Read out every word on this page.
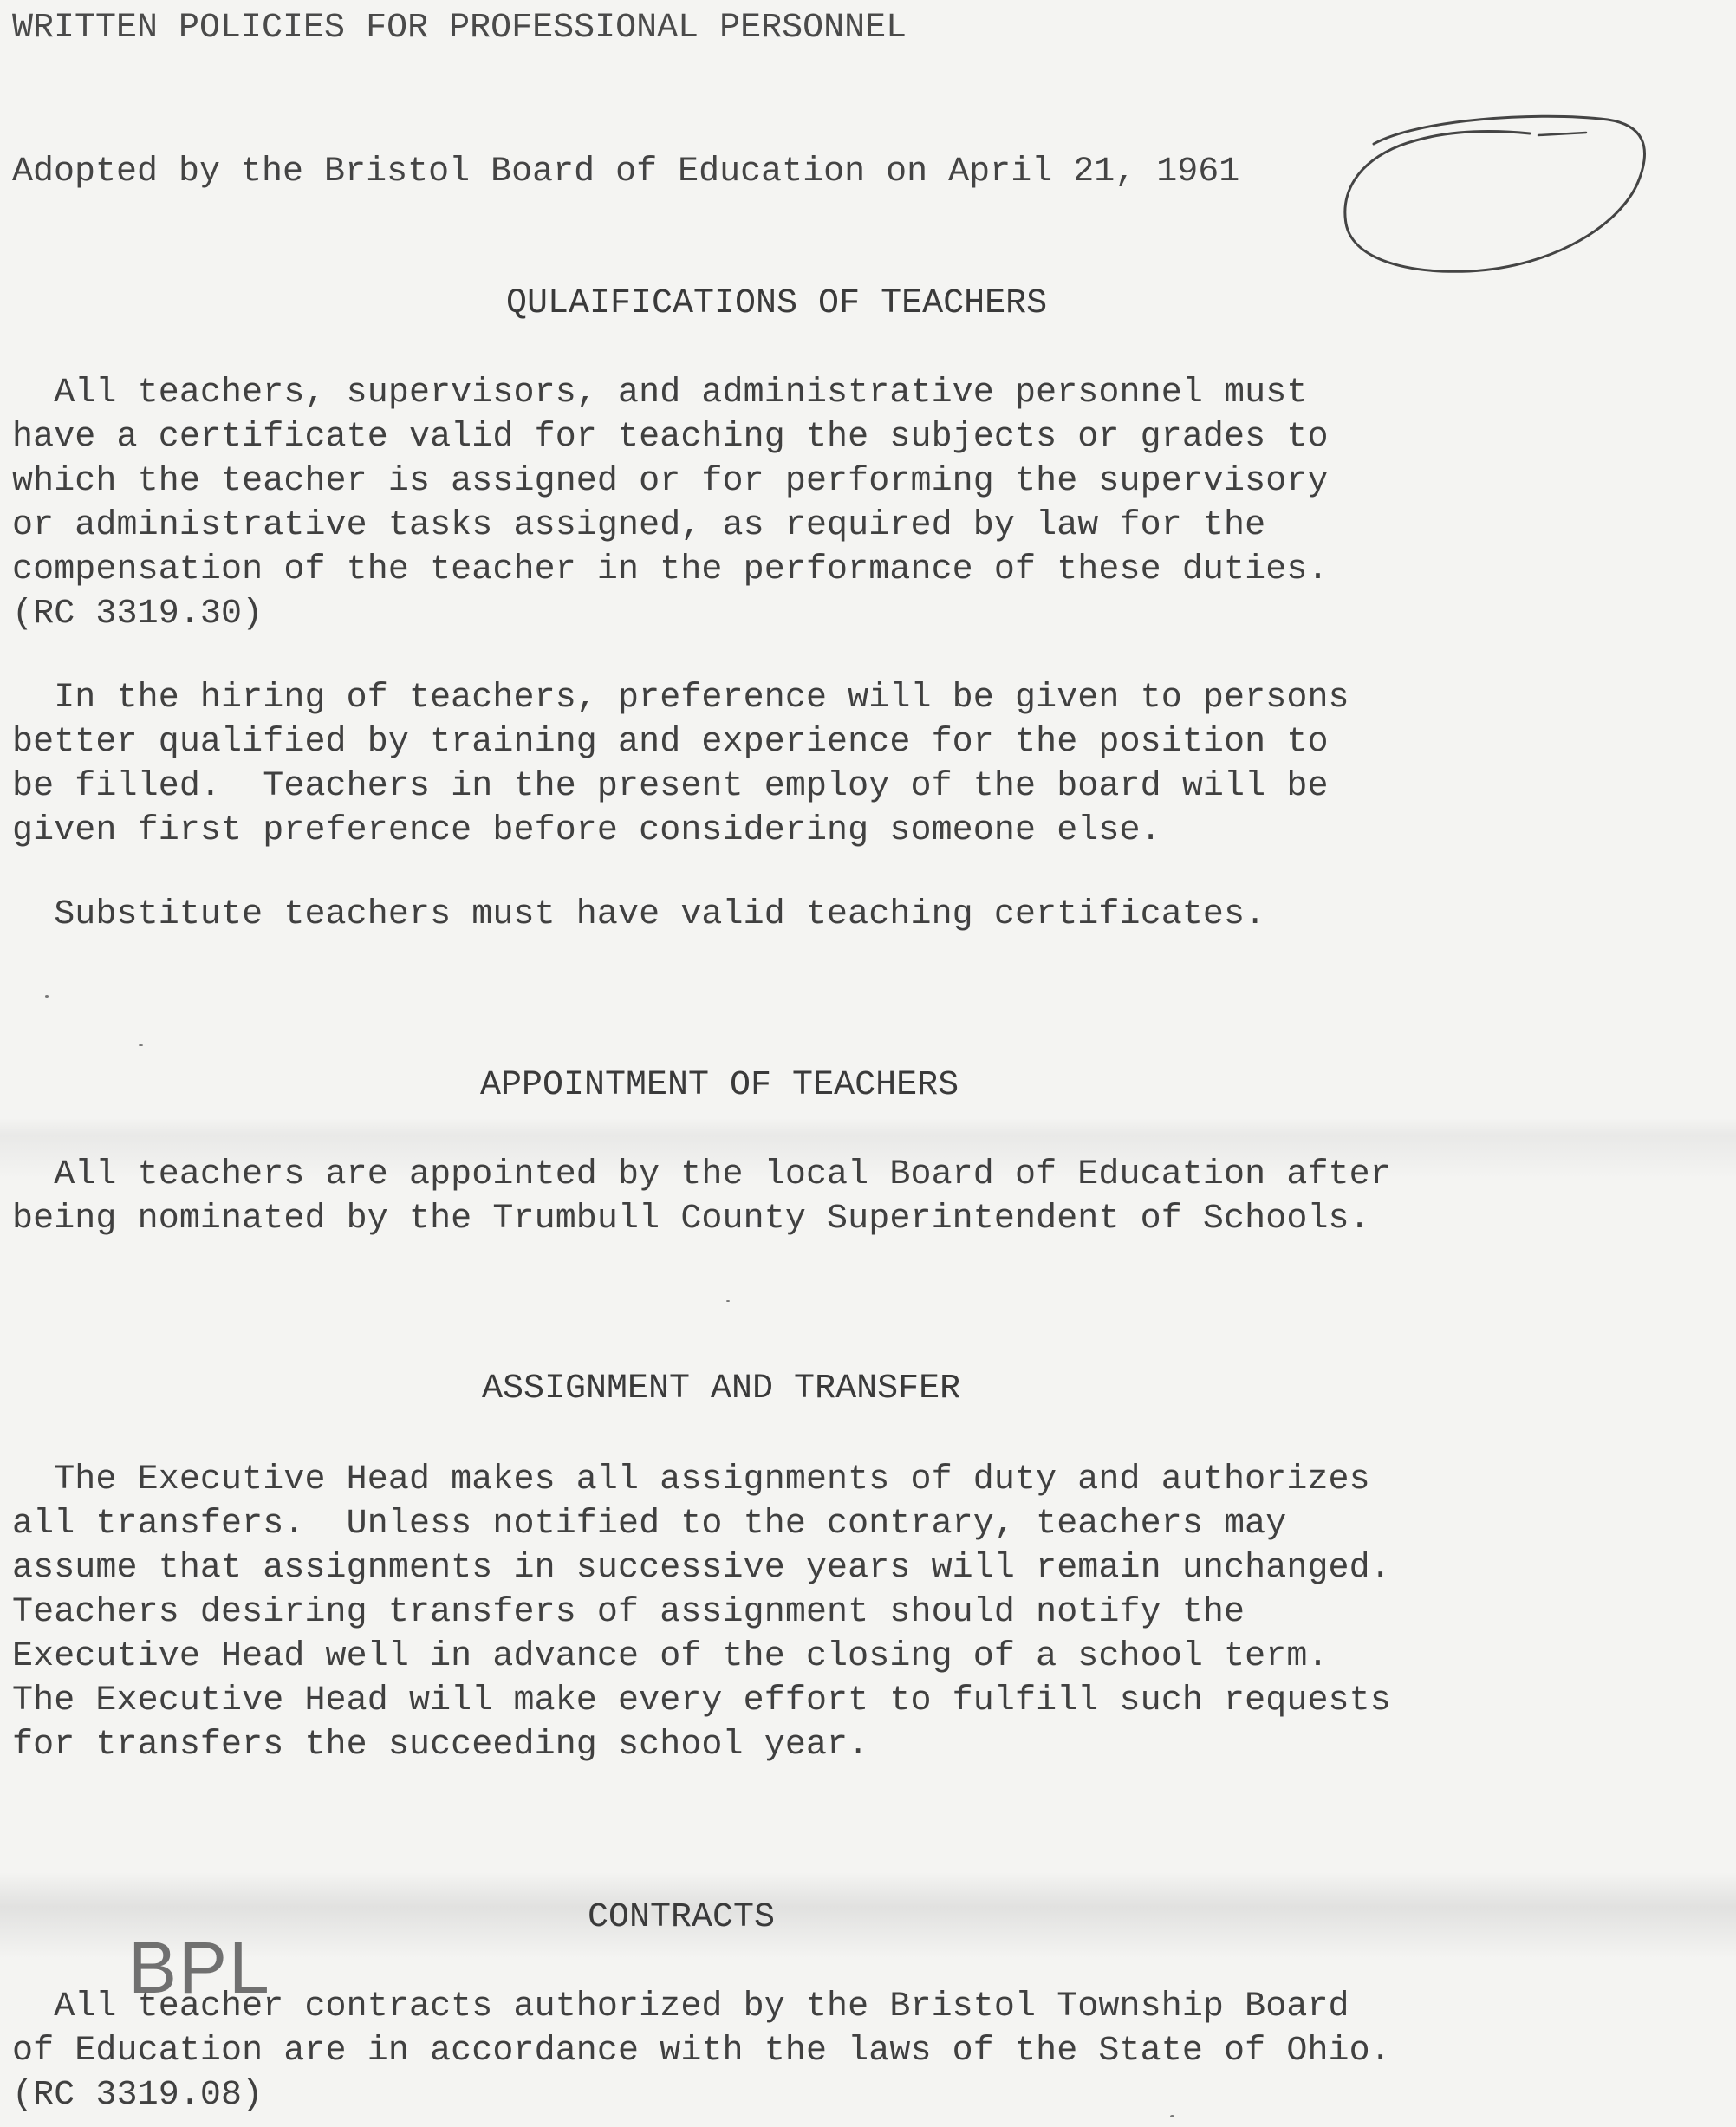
WRITTEN POLICIES FOR PROFESSIONAL PERSONNEL

Adopted by the Bristol Board of Education on April 21, 1961

QULAIFICATIONS OF TEACHERS

All teachers, supervisors, and administrative personnel must
have a certificate valid for teaching the subjects or grades to
which the teacher is assigned or for performing the supervisory
or administrative tasks assigned, as required by law for the
compensation of the teacher in the performance of these duties.
(RC 3319.30)
In the hiring of teachers, preference will be given to persons
better qualified by training and experience for the position to
be filled.  Teachers in the present employ of the board will be
given first preference before considering someone else.
Substitute teachers must have valid teaching certificates.

APPOINTMENT OF TEACHERS

All teachers are appointed by the local Board of Education after
being nominated by the Trumbull County Superintendent of Schools.

ASSIGNMENT AND TRANSFER

The Executive Head makes all assignments of duty and authorizes
all transfers.  Unless notified to the contrary, teachers may
assume that assignments in successive years will remain unchanged.
Teachers desiring transfers of assignment should notify the
Executive Head well in advance of the closing of a school term.
The Executive Head will make every effort to fulfill such requests
for transfers the succeeding school year.

CONTRACTS

All teacher contracts authorized by the Bristol Township Board
of Education are in accordance with the laws of the State of Ohio.
(RC 3319.08)
BPL
